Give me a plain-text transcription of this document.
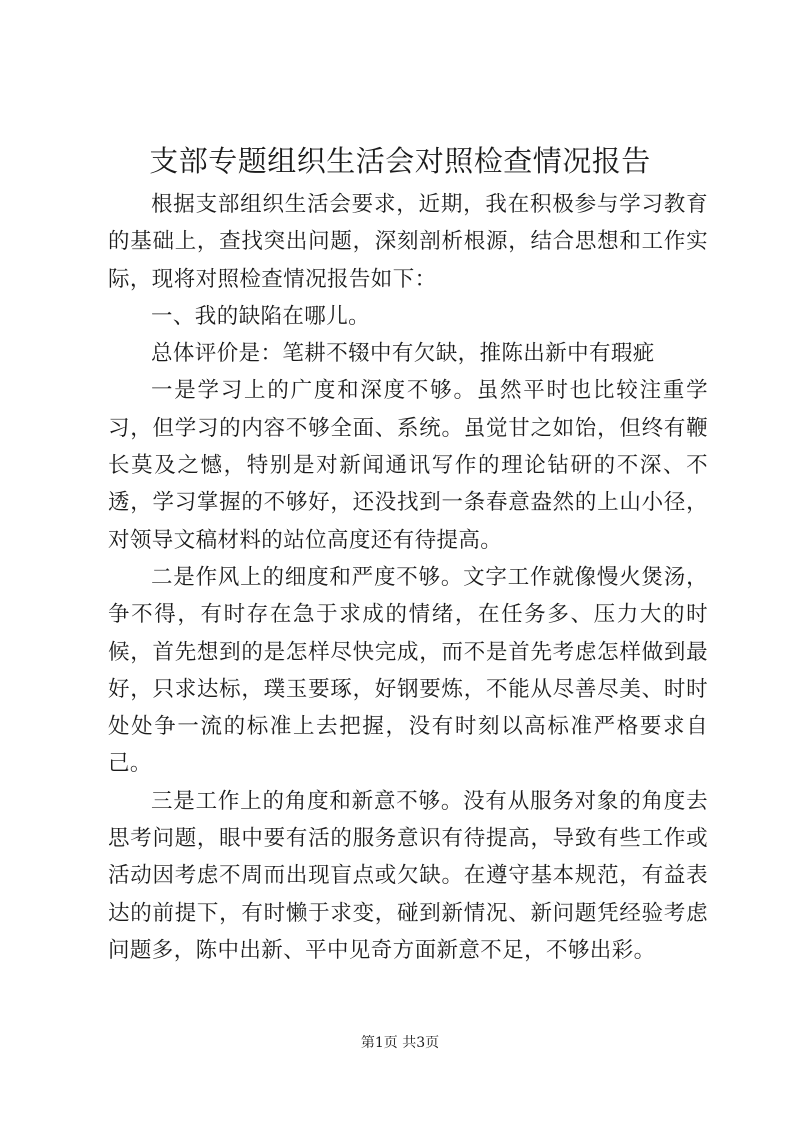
支部专题组织生活会对照检查情况报告

根据支部组织生活会要求，近期，我在积极参与学习教育的基础上，查找突出问题，深刻剖析根源，结合思想和工作实际，现将对照检查情况报告如下：

一、我的缺陷在哪儿。

总体评价是：笔耕不辍中有欠缺，推陈出新中有瑕疵

一是学习上的广度和深度不够。虽然平时也比较注重学习，但学习的内容不够全面、系统。虽觉甘之如饴，但终有鞭长莫及之憾，特别是对新闻通讯写作的理论钻研的不深、不透，学习掌握的不够好，还没找到一条春意盎然的上山小径，对领导文稿材料的站位高度还有待提高。

二是作风上的细度和严度不够。文字工作就像慢火煲汤，争不得，有时存在急于求成的情绪，在任务多、压力大的时候，首先想到的是怎样尽快完成，而不是首先考虑怎样做到最好，只求达标，璞玉要琢，好钢要炼，不能从尽善尽美、时时处处争一流的标准上去把握，没有时刻以高标准严格要求自己。

三是工作上的角度和新意不够。没有从服务对象的角度去思考问题，眼中要有活的服务意识有待提高，导致有些工作或活动因考虑不周而出现盲点或欠缺。在遵守基本规范，有益表达的前提下，有时懒于求变，碰到新情况、新问题凭经验考虑问题多，陈中出新、平中见奇方面新意不足，不够出彩。

第1页 共3页
